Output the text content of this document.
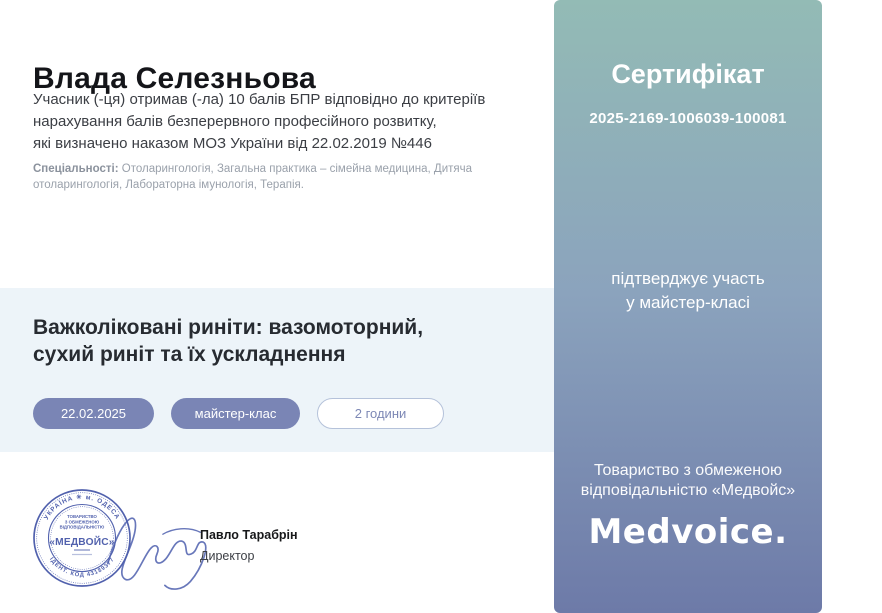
Влада Селезньова
Учасник (-ця) отримав (-ла) 10 балів БПР відповідно до критеріїв
нарахування балів безперервного професійного розвитку,
які визначено наказом МОЗ України від 22.02.2019 №446
Спеціальності: Отоларингологія, Загальна практика – сімейна медицина, Дитяча отоларингологія, Лабораторна імунологія, Терапія.
Важколіковані риніти: вазомоторний,
сухий риніт та їх ускладнення
22.02.2025	майстер-клас	2 години
УКРАЇНА ✳ м. ОДЕСА
ІДЕНТ. КОД 43189377
ТОВАРИСТВО
З ОБМЕЖЕНОЮ
ВІДПОВІДАЛЬНІСТЮ
«МЕДВОЙС»
Павло Тарабрін
Директор
Сертифікат
2025-2169-1006039-100081
підтверджує участь
у майстер-класі
Товариство з обмеженою
відповідальністю «Медвойс»
Medvoice.
